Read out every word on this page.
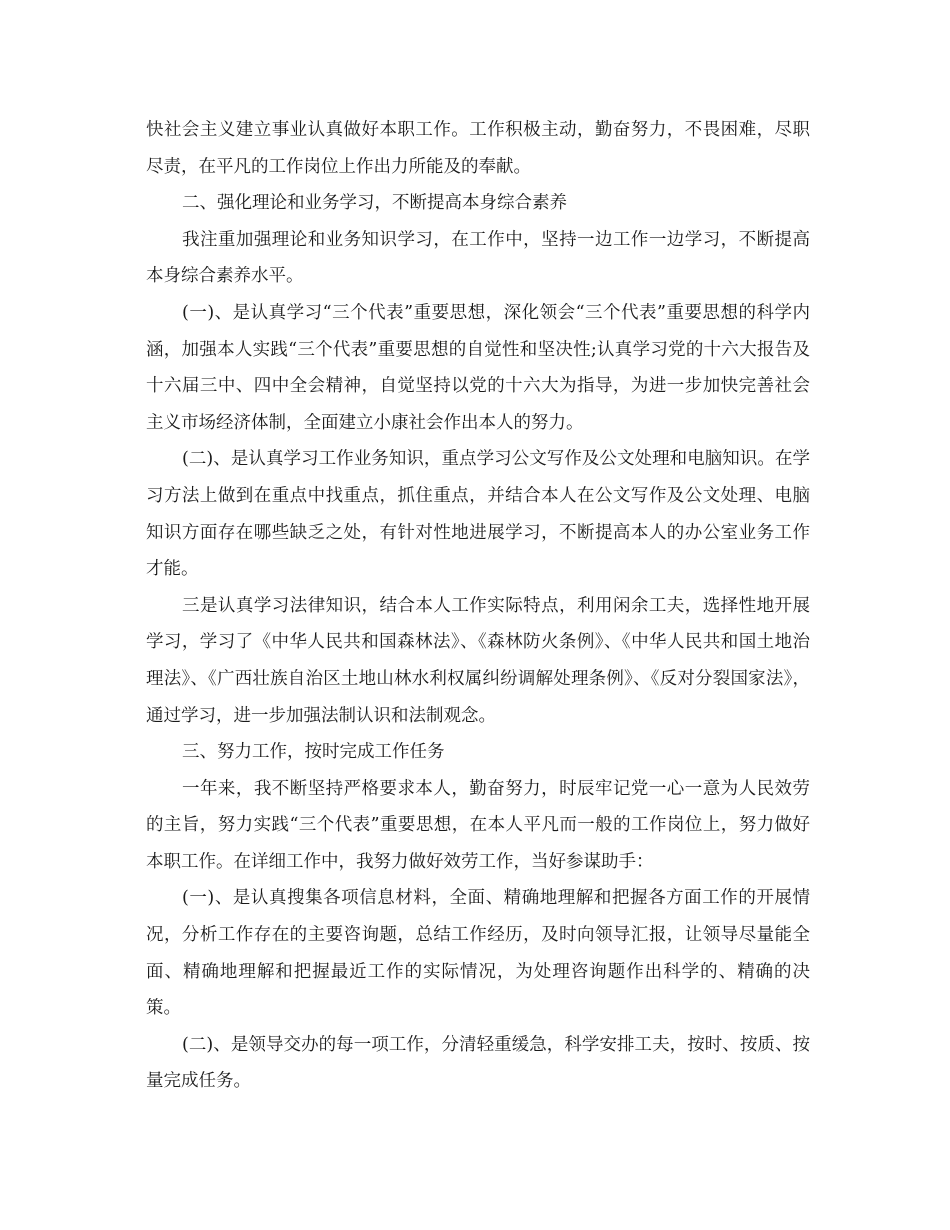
快社会主义建立事业认真做好本职工作。工作积极主动，勤奋努力，不畏困难，尽职尽责，在平凡的工作岗位上作出力所能及的奉献。

二、强化理论和业务学习，不断提高本身综合素养

我注重加强理论和业务知识学习，在工作中，坚持一边工作一边学习，不断提高本身综合素养水平。

(一)、是认真学习“三个代表”重要思想，深化领会“三个代表”重要思想的科学内涵，加强本人实践“三个代表”重要思想的自觉性和坚决性;认真学习党的十六大报告及十六届三中、四中全会精神，自觉坚持以党的十六大为指导，为进一步加快完善社会主义市场经济体制，全面建立小康社会作出本人的努力。

(二)、是认真学习工作业务知识，重点学习公文写作及公文处理和电脑知识。在学习方法上做到在重点中找重点，抓住重点，并结合本人在公文写作及公文处理、电脑知识方面存在哪些缺乏之处，有针对性地进展学习，不断提高本人的办公室业务工作才能。

三是认真学习法律知识，结合本人工作实际特点，利用闲余工夫，选择性地开展学习，学习了《中华人民共和国森林法》、《森林防火条例》、《中华人民共和国土地治理法》、《广西壮族自治区土地山林水利权属纠纷调解处理条例》、《反对分裂国家法》，通过学习，进一步加强法制认识和法制观念。

三、努力工作，按时完成工作任务

一年来，我不断坚持严格要求本人，勤奋努力，时辰牢记党一心一意为人民效劳的主旨，努力实践“三个代表”重要思想，在本人平凡而一般的工作岗位上，努力做好本职工作。在详细工作中，我努力做好效劳工作，当好参谋助手：

(一)、是认真搜集各项信息材料，全面、精确地理解和把握各方面工作的开展情况，分析工作存在的主要咨询题，总结工作经历，及时向领导汇报，让领导尽量能全面、精确地理解和把握最近工作的实际情况，为处理咨询题作出科学的、精确的决策。

(二)、是领导交办的每一项工作，分清轻重缓急，科学安排工夫，按时、按质、按量完成任务。
